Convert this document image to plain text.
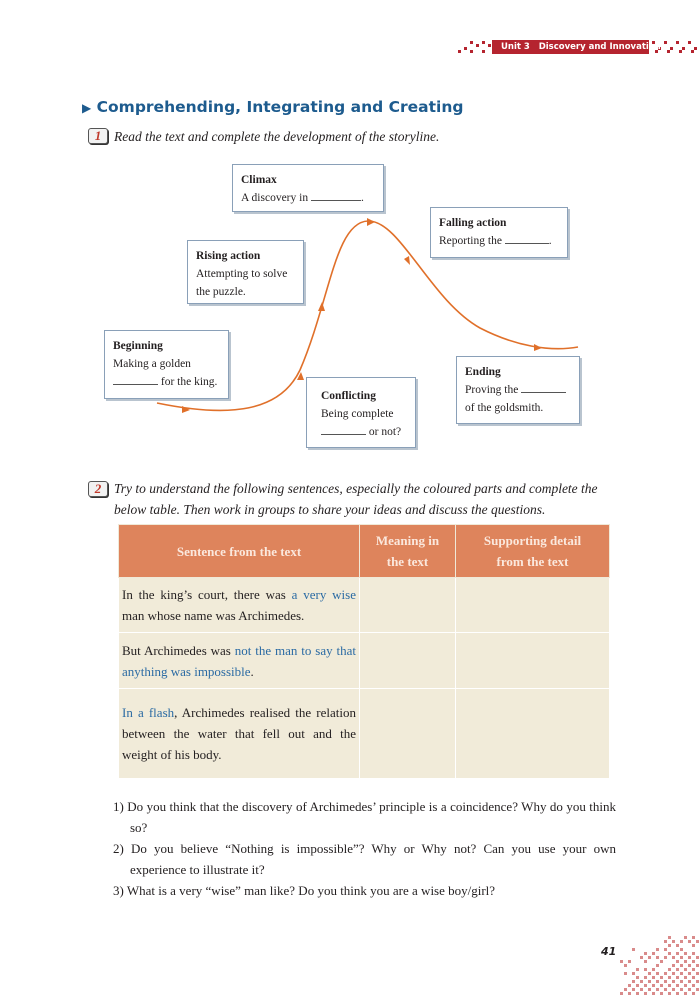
Unit 3 Discovery and Innovation
▶ Comprehending, Integrating and Creating
1 Read the text and complete the development of the storyline.
Climax
A discovery in	.
Falling action
Reporting the	.
Rising action
Attempting to solve the puzzle.
Beginning
Making a golden
for the king.
Conflicting
Being complete
or not?
Ending
Proving the
of the goldsmith.
2 Try to understand the following sentences, especially the coloured parts and complete the below table. Then work in groups to share your ideas and discuss the questions.
Sentence from the text	Meaning in the text	Supporting detail from the text
In the king’s court, there was a very wise man whose name was Archimedes.		
But Archimedes was not the man to say that anything was impossible.		
In a flash, Archimedes realised the relation between the water that fell out and the weight of his body.		
1) Do you think that the discovery of Archimedes’ principle is a coincidence? Why do you think so?
2) Do you believe “Nothing is impossible”? Why or Why not? Can you use your own experience to illustrate it?
3) What is a very “wise” man like? Do you think you are a wise boy/girl?
41
